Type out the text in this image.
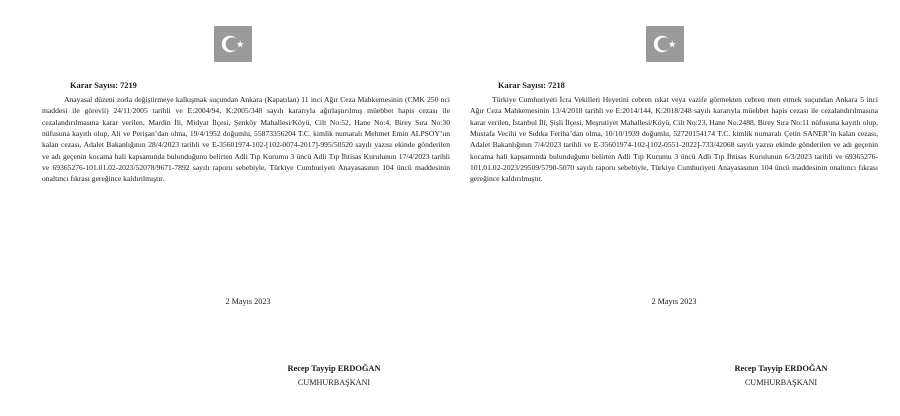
Karar Sayısı: 7219

Anayasal düzeni zorla değiştirmeye kalkışmak suçundan Ankara (Kapatılan) 11 inci Ağır Ceza Mahkemesinin (CMK 250 nci maddesi ile görevli) 24/11/2005 tarihli ve E:2004/94, K:2005/348 sayılı kararıyla ağırlaştırılmış müebbet hapis cezası ile cezalandırılmasına karar verilen, Mardin İli, Midyat İlçesi, Şenköy Mahallesi/Köyü, Cilt No:52, Hane No:4, Birey Sıra No:30 nüfusuna kayıtlı olup, Ali ve Perişan’dan olma, 19/4/1952 doğumlu, 55873356204 T.C. kimlik numaralı Mehmet Emin ALPSOY’un kalan cezası, Adalet Bakanlığının 28/4/2023 tarihli ve E-35601974-102-[102-0074-2017]-995/50520 sayılı yazısı ekinde gönderilen ve adı geçenin kocama hali kapsamında bulunduğunu belirten Adli Tıp Kurumu 3 üncü Adli Tıp İhtisas Kurulunun 17/4/2023 tarihli ve 69365276-101.01.02-2023/52078/9671-7892 sayılı raporu sebebiyle, Türkiye Cumhuriyeti Anayasasının 104 üncü maddesinin onaltıncı fıkrası gereğince kaldırılmıştır.

2 Mayıs 2023

Recep Tayyip ERDOĞAN
CUMHURBAŞKANI
Karar Sayısı: 7218

Türkiye Cumhuriyeti İcra Vekilleri Heyetini cebren ıskat veya vazife görmekten cebren men etmek suçundan Ankara 5 inci Ağır Ceza Mahkemesinin 13/4/2018 tarihli ve E:2014/144, K:2018/248 sayılı kararıyla müebbet hapis cezası ile cezalandırılmasına karar verilen, İstanbul İli, Şişli İlçesi, Meşrutiyet Mahallesi/Köyü, Cilt No:23, Hane No:2488, Birey Sıra No:11 nüfusuna kayıtlı olup, Mustafa Vecihi ve Sıdıka Feriha’dan olma, 10/10/1939 doğumlu, 52720154174 T.C. kimlik numaralı Çetin SANER’in kalan cezası, Adalet Bakanlığının 7/4/2023 tarihli ve E-35601974-102-[102-0551-2022]-733/42068 sayılı yazısı ekinde gönderilen ve adı geçenin kocama hali kapsamında bulunduğunu belirten Adli Tıp Kurumu 3 üncü Adli Tıp İhtisas Kurulunun 6/3/2023 tarihli ve 69365276-101.01.02-2023/29509/5790-5070 sayılı raporu sebebiyle, Türkiye Cumhuriyeti Anayasasının 104 üncü maddesinin onaltıncı fıkrası gereğince kaldırılmıştır.

2 Mayıs 2023

Recep Tayyip ERDOĞAN
CUMHURBAŞKANI
